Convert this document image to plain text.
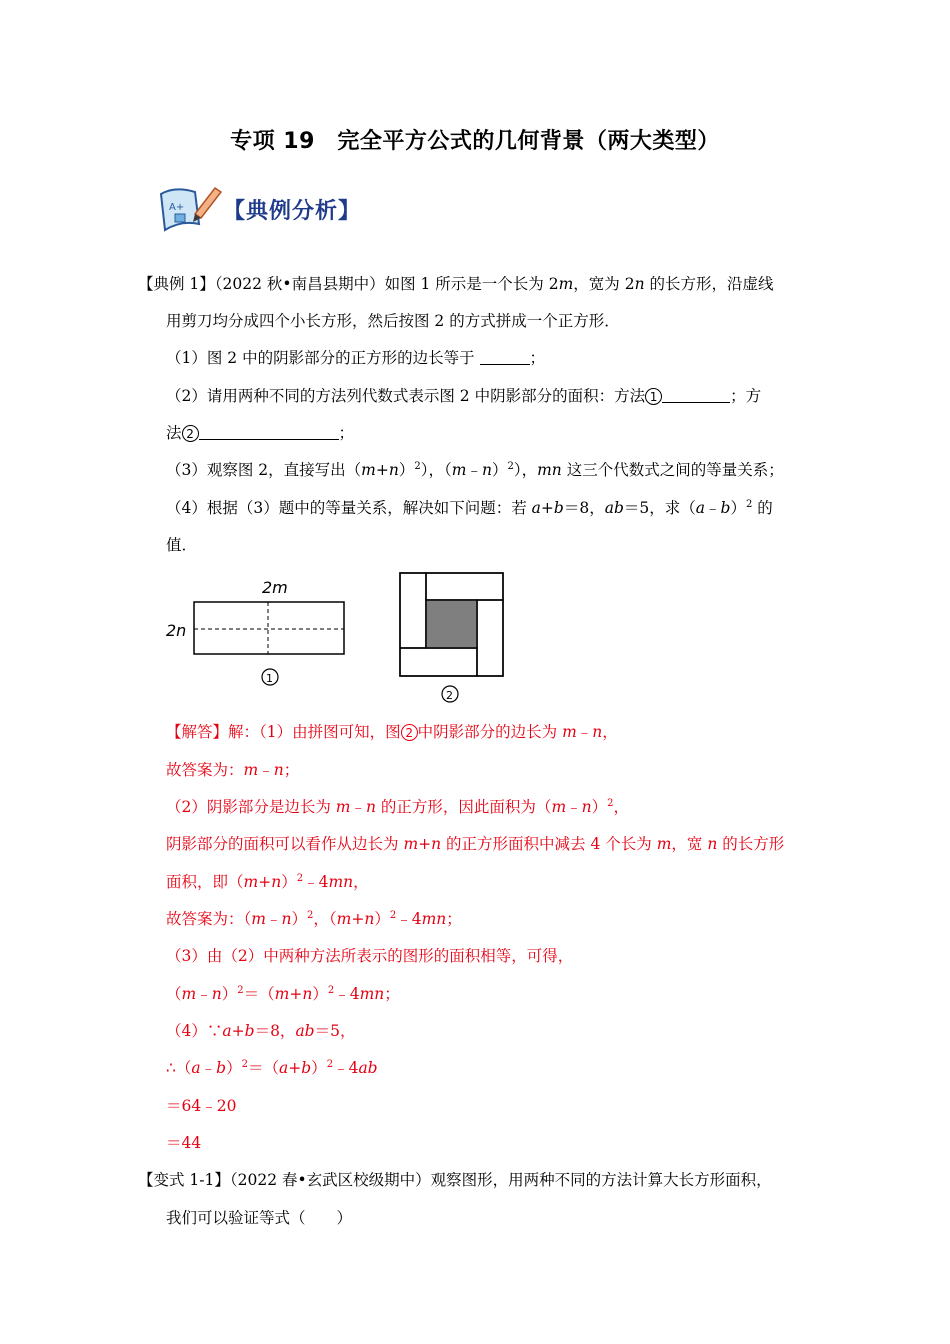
专项 19　完全平方公式的几何背景（两大类型）
A+ 【典例分析】
【典例 1】（2022 秋•南昌县期中）如图 1 所示是一个长为 2m，宽为 2n 的长方形，沿虚线
用剪刀均分成四个小长方形，然后按图 2 的方式拼成一个正方形．
（1）图 2 中的阴影部分的正方形的边长等于	；
（2）请用两种不同的方法列代数式表示图 2 中阴影部分的面积：方法 1	；方
法 2	；
（3）观察图 2，直接写出$(m+n)^2$），（m﹣n）$^2$），mn 这三个代数式之间的等量关系；
（4）根据（3）题中的等量关系，解决如下问题：若 a+b＝8，ab＝5，求（a﹣b）$^2$ 的
值．
2m
2n
1
2
【解答】解：（1）由拼图可知，图 2 中阴影部分的边长为 m﹣n，
故答案为：m﹣n；
（2）阴影部分是边长为 m﹣n 的正方形，因此面积为（m﹣n）$^2$，
阴影部分的面积可以看作从边长为 m+n 的正方形面积中减去 4 个长为 m，宽 n 的长方形
面积，即$(m+n)^2﹣4mn$，
故答案为：（m﹣n）$^2$，$(m+n)^2﹣4mn$；
（3）由（2）中两种方法所表示的图形的面积相等，可得，
$(m﹣n)^2=(m+n)^2﹣4mn$；
（4）∵a+b＝8，ab＝5，
$\therefore(a﹣b)^2=(a+b)^2﹣4ab$
＝64﹣20
＝44
【变式 1-1】（2022 春•玄武区校级期中）观察图形，用两种不同的方法计算大长方形面积，
我们可以验证等式（　　）
